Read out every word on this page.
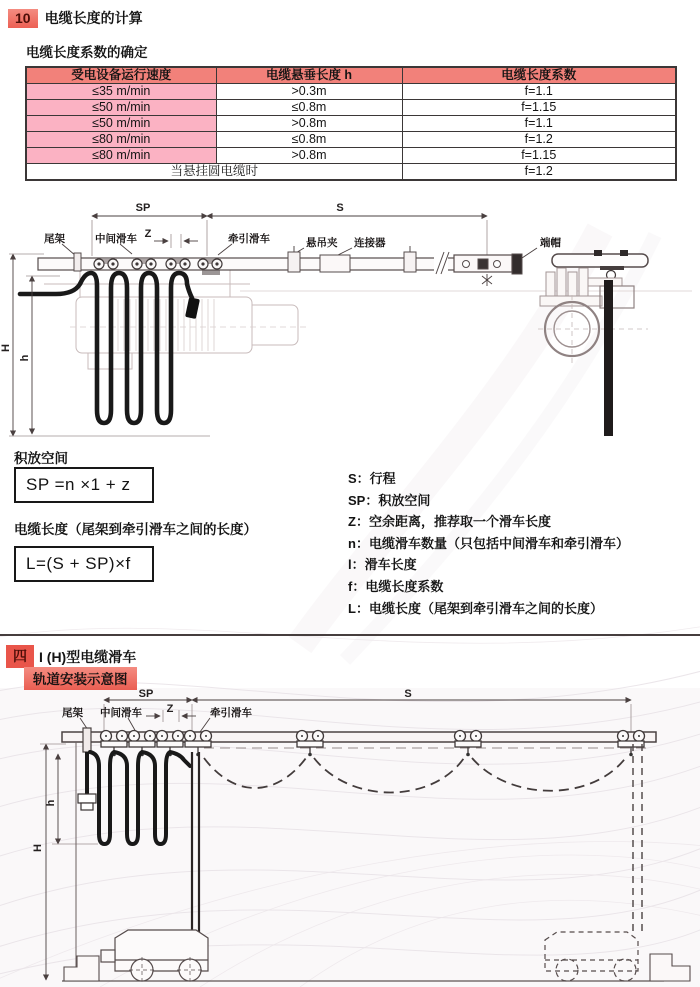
10	电缆长度的计算
电缆长度系数的确定
受电设备运行速度	电缆悬垂长度 h	电缆长度系数
≤35 m/min	>0.3m	f=1.1
≤50 m/min	≤0.8m	f=1.15
≤50 m/min	>0.8m	f=1.1
≤80 m/min	≤0.8m	f=1.2
≤80 m/min	>0.8m	f=1.15
当悬挂圆电缆时		f=1.2
SP	S
Z
尾架	中间滑车	牵引滑车	悬吊夹 连接器	端帽
H
h
积放空间
SP =n ×1 + z
电缆长度（尾架到牵引滑车之间的长度）
L=(S + SP)×f
S：行程
SP：积放空间
Z：空余距离，推荐取一个滑车长度
n：电缆滑车数量（只包括中间滑车和牵引滑车）
l：滑车长度
f：电缆长度系数
L：电缆长度（尾架到牵引滑车之间的长度）
四 I (H)型电缆滑车
轨道安装示意图
SP	S
Z
尾架 中间滑车	牵引滑车
H
h
